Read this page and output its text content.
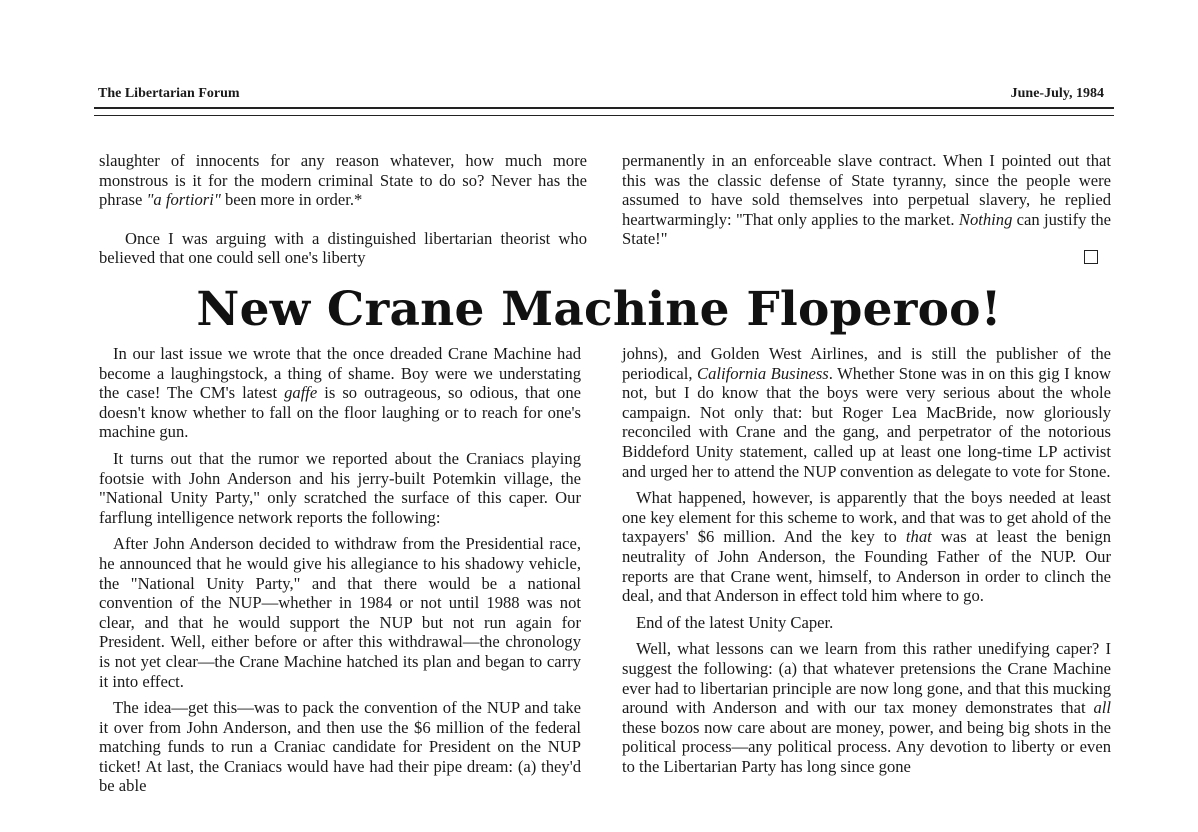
The Libertarian Forum	June-July, 1984

slaughter of innocents for any reason whatever, how much more monstrous is it for the modern criminal State to do so? Never has the phrase "a fortiori" been more in order.*

Once I was arguing with a distinguished libertarian theorist who believed that one could sell one's liberty

permanently in an enforceable slave contract. When I pointed out that this was the classic defense of State tyranny, since the people were assumed to have sold themselves into perpetual slavery, he replied heartwarmingly: "That only applies to the market. Nothing can justify the State!"

New Crane Machine Floperoo!

In our last issue we wrote that the once dreaded Crane Machine had become a laughingstock, a thing of shame. Boy were we understating the case! The CM's latest gaffe is so outrageous, so odious, that one doesn't know whether to fall on the floor laughing or to reach for one's machine gun.

It turns out that the rumor we reported about the Craniacs playing footsie with John Anderson and his jerry-built Potemkin village, the "National Unity Party," only scratched the surface of this caper. Our farflung intelligence network reports the following:

After John Anderson decided to withdraw from the Presidential race, he announced that he would give his allegiance to his shadowy vehicle, the "National Unity Party," and that there would be a national convention of the NUP—whether in 1984 or not until 1988 was not clear, and that he would support the NUP but not run again for President. Well, either before or after this withdrawal—the chronology is not yet clear—the Crane Machine hatched its plan and began to carry it into effect.

The idea—get this—was to pack the convention of the NUP and take it over from John Anderson, and then use the $6 million of the federal matching funds to run a Craniac candidate for President on the NUP ticket! At last, the Craniacs would have had their pipe dream: (a) they'd be able

johns), and Golden West Airlines, and is still the publisher of the periodical, California Business. Whether Stone was in on this gig I know not, but I do know that the boys were very serious about the whole campaign. Not only that: but Roger Lea MacBride, now gloriously reconciled with Crane and the gang, and perpetrator of the notorious Biddeford Unity statement, called up at least one long-time LP activist and urged her to attend the NUP convention as delegate to vote for Stone.

What happened, however, is apparently that the boys needed at least one key element for this scheme to work, and that was to get ahold of the taxpayers' $6 million. And the key to that was at least the benign neutrality of John Anderson, the Founding Father of the NUP. Our reports are that Crane went, himself, to Anderson in order to clinch the deal, and that Anderson in effect told him where to go.

End of the latest Unity Caper.

Well, what lessons can we learn from this rather unedifying caper? I suggest the following: (a) that whatever pretensions the Crane Machine ever had to libertarian principle are now long gone, and that this mucking around with Anderson and with our tax money demonstrates that all these bozos now care about are money, power, and being big shots in the political process—any political process. Any devotion to liberty or even to the Libertarian Party has long since gone
